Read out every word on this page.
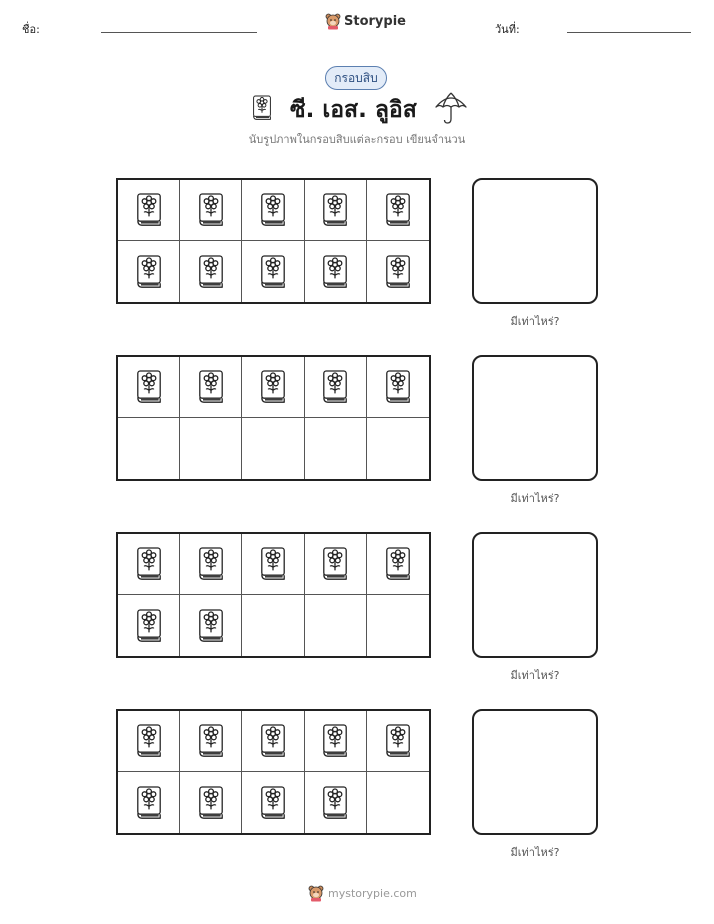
ชื่อ:
Storypie
วันที่:
กรอบสิบ
ซี. เอส. ลูอิส
นับรูปภาพในกรอบสิบแต่ละกรอบ เขียนจำนวน
มีเท่าไหร่?
มีเท่าไหร่?
มีเท่าไหร่?
มีเท่าไหร่?
mystorypie.com
